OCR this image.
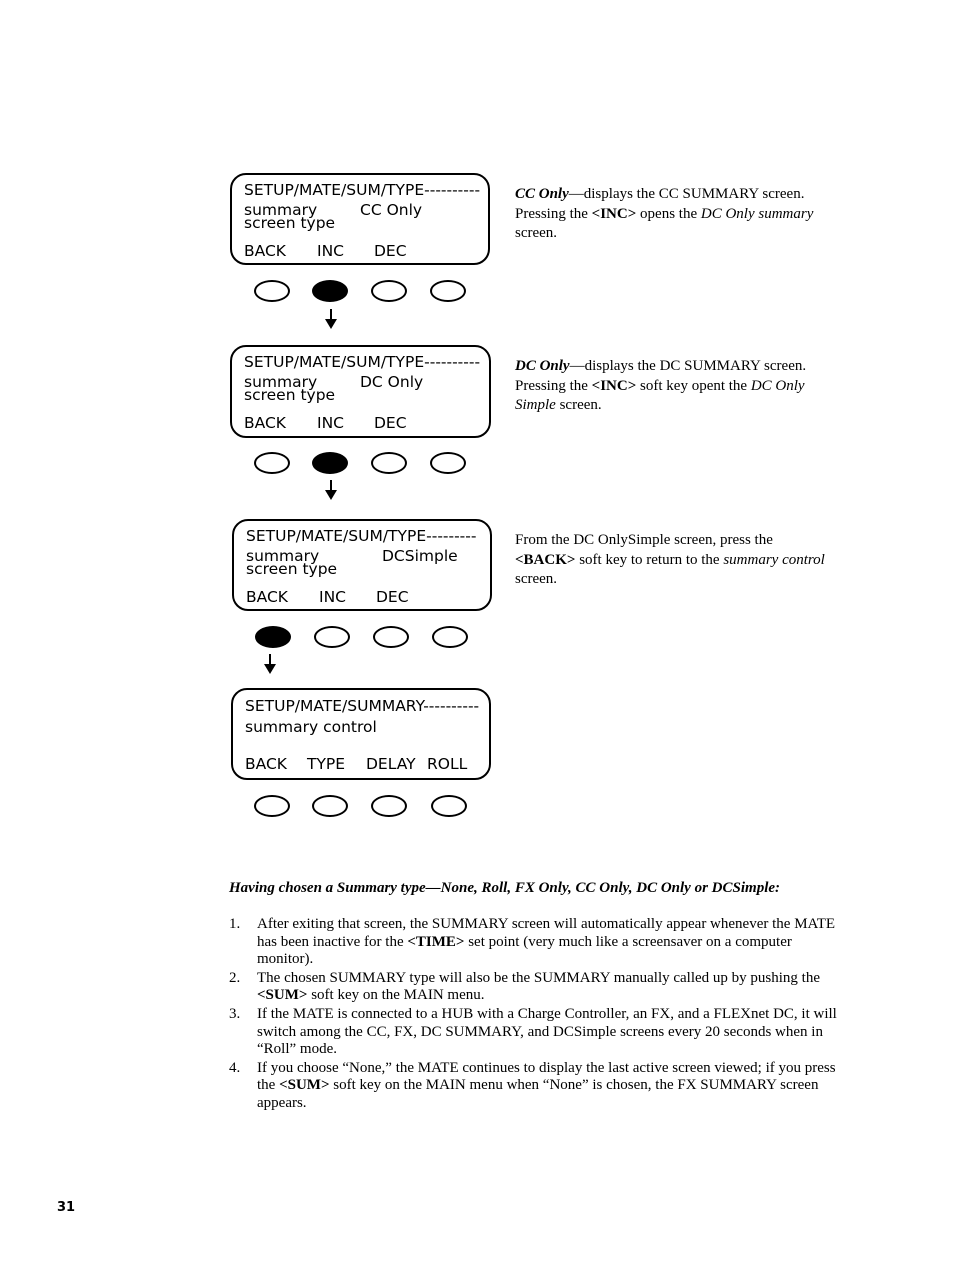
SETUP/MATE/SUM/TYPE----------
summary	CC Only
screen type
BACK INC DEC
CC Only—displays the CC SUMMARY screen. Pressing the <INC> opens the DC Only summary screen.
SETUP/MATE/SUM/TYPE----------
summary	DC Only
screen type
BACK INC DEC
DC Only—displays the DC SUMMARY screen. Pressing the <INC> soft key opent the DC Only Simple screen.
SETUP/MATE/SUM/TYPE---------
summary	DCSimple
screen type
BACK INC DEC
From the DC OnlySimple screen, press the <BACK> soft key to return to the summary control screen.
SETUP/MATE/SUMMARY----------
summary control
BACK TYPE DELAY ROLL
Having chosen a Summary type—None, Roll, FX Only, CC Only, DC Only or DCSimple:
1. After exiting that screen, the SUMMARY screen will automatically appear whenever the MATE has been inactive for the <TIME> set point (very much like a screensaver on a computer monitor).
2. The chosen SUMMARY type will also be the SUMMARY manually called up by pushing the <SUM> soft key on the MAIN menu.
3. If the MATE is connected to a HUB with a Charge Controller, an FX, and a FLEXnet DC, it will switch among the CC, FX, DC SUMMARY, and DCSimple screens every 20 seconds when in “Roll” mode.
4. If you choose “None,” the MATE continues to display the last active screen viewed; if you press the <SUM> soft key on the MAIN menu when “None” is chosen, the FX SUMMARY screen appears.
31
